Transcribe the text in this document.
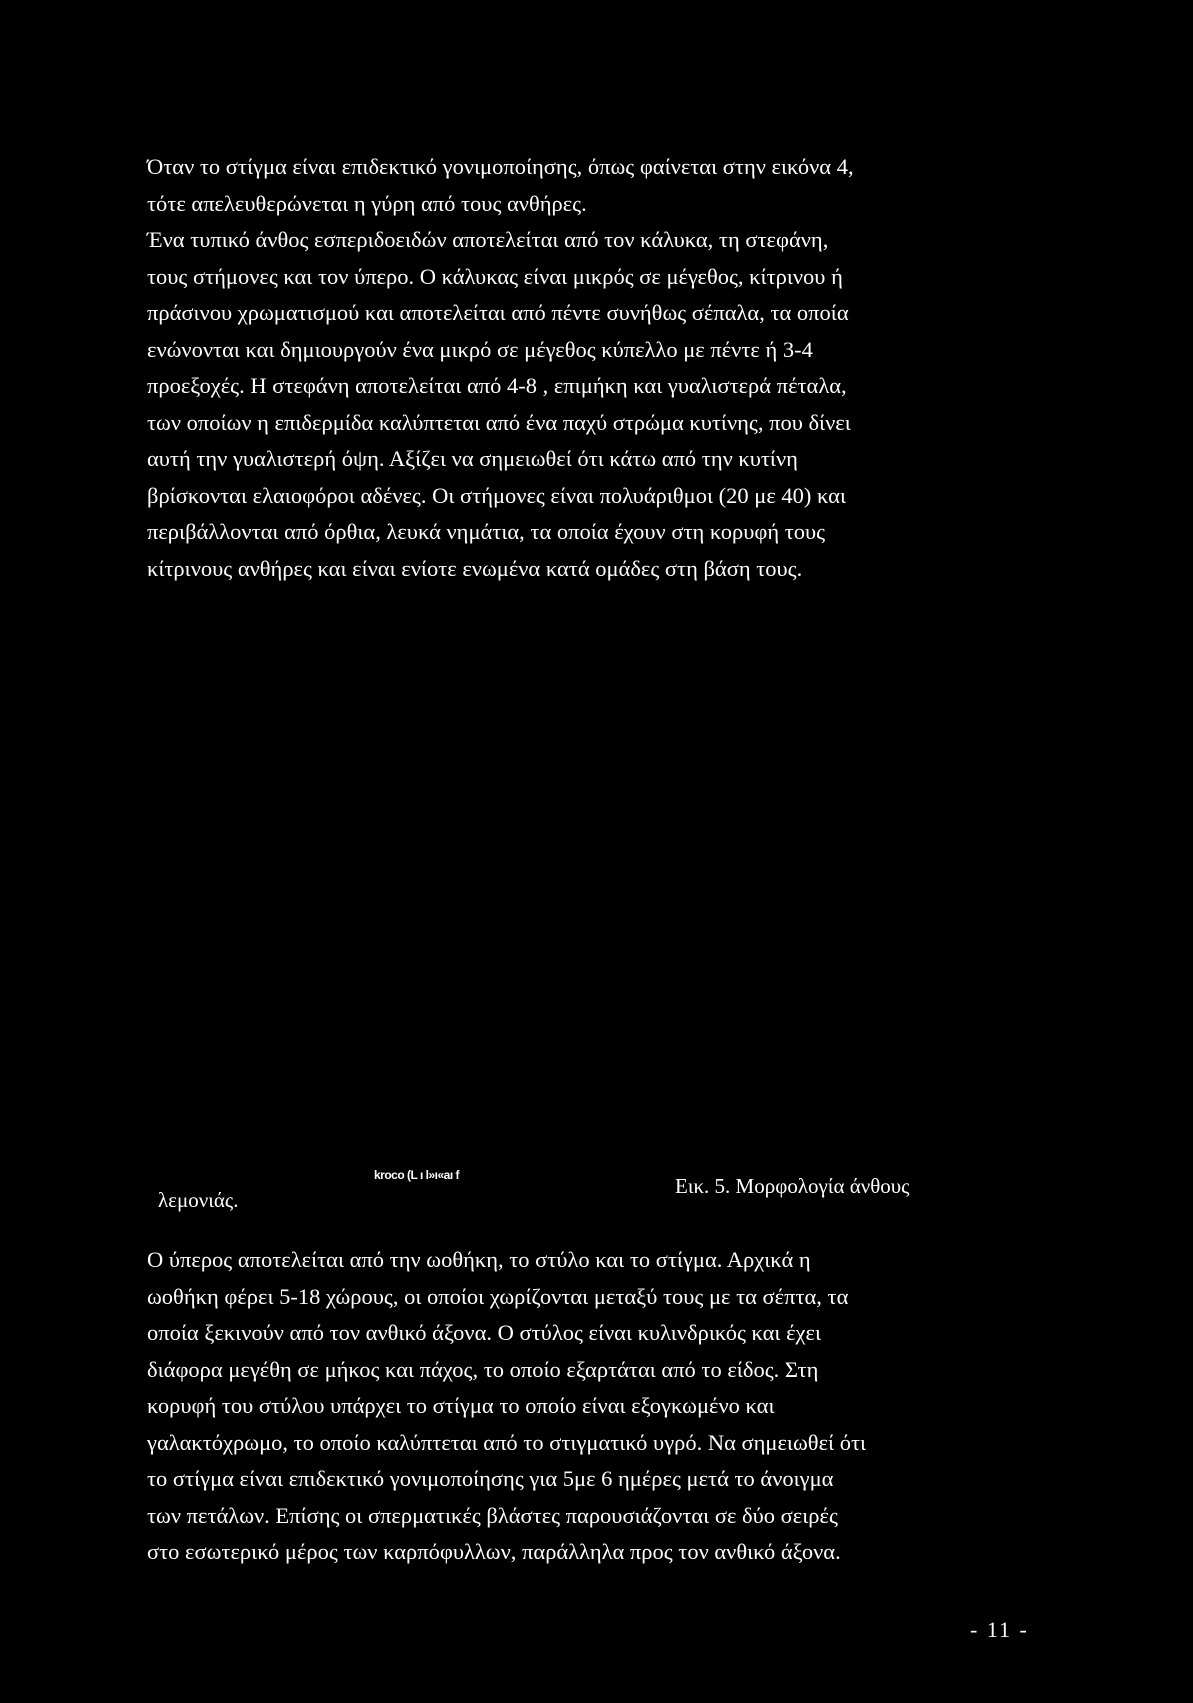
Όταν το στίγμα είναι επιδεκτικό γονιμοποίησης, όπως φαίνεται στην εικόνα 4,
τότε απελευθερώνεται η γύρη από τους ανθήρες.
Ένα τυπικό άνθος εσπεριδοειδών αποτελείται από τον κάλυκα, τη στεφάνη,
τους στήμονες και τον ύπερο. Ο κάλυκας είναι μικρός σε μέγεθος, κίτρινου ή
πράσινου χρωματισμού και αποτελείται από πέντε συνήθως σέπαλα, τα οποία
ενώνονται και δημιουργούν ένα μικρό σε μέγεθος κύπελλο με πέντε ή 3-4
προεξοχές. Η στεφάνη αποτελείται από 4-8 , επιμήκη και γυαλιστερά πέταλα,
των οποίων η επιδερμίδα καλύπτεται από ένα παχύ στρώμα κυτίνης, που δίνει
αυτή την γυαλιστερή όψη. Αξίζει να σημειωθεί ότι κάτω από την κυτίνη
βρίσκονται ελαιοφόροι αδένες. Οι στήμονες είναι πολυάριθμοι (20 με 40) και
περιβάλλονται από όρθια, λευκά νημάτια, τα οποία έχουν στη κορυφή τους
κίτρινους ανθήρες και είναι ενίοτε ενωμένα κατά ομάδες στη βάση τους.
λεμονιάς.
kroco (L ı l»ı«aı f	Εικ. 5. Μορφολογία άνθους
Ο ύπερος αποτελείται από την ωοθήκη, το στύλο και το στίγμα. Αρχικά η
ωοθήκη φέρει 5-18 χώρους, οι οποίοι χωρίζονται μεταξύ τους με τα σέπτα, τα
οποία ξεκινούν από τον ανθικό άξονα. Ο στύλος είναι κυλινδρικός και έχει
διάφορα μεγέθη σε μήκος και πάχος, το οποίο εξαρτάται από το είδος. Στη
κορυφή του στύλου υπάρχει το στίγμα το οποίο είναι εξογκωμένο και
γαλακτόχρωμο, το οποίο καλύπτεται από το στιγματικό υγρό. Να σημειωθεί ότι
το στίγμα είναι επιδεκτικό γονιμοποίησης για 5με 6 ημέρες μετά το άνοιγμα
των πετάλων. Επίσης οι σπερματικές βλάστες παρουσιάζονται σε δύο σειρές
στο εσωτερικό μέρος των καρπόφυλλων, παράλληλα προς τον ανθικό άξονα.
- 11 -
